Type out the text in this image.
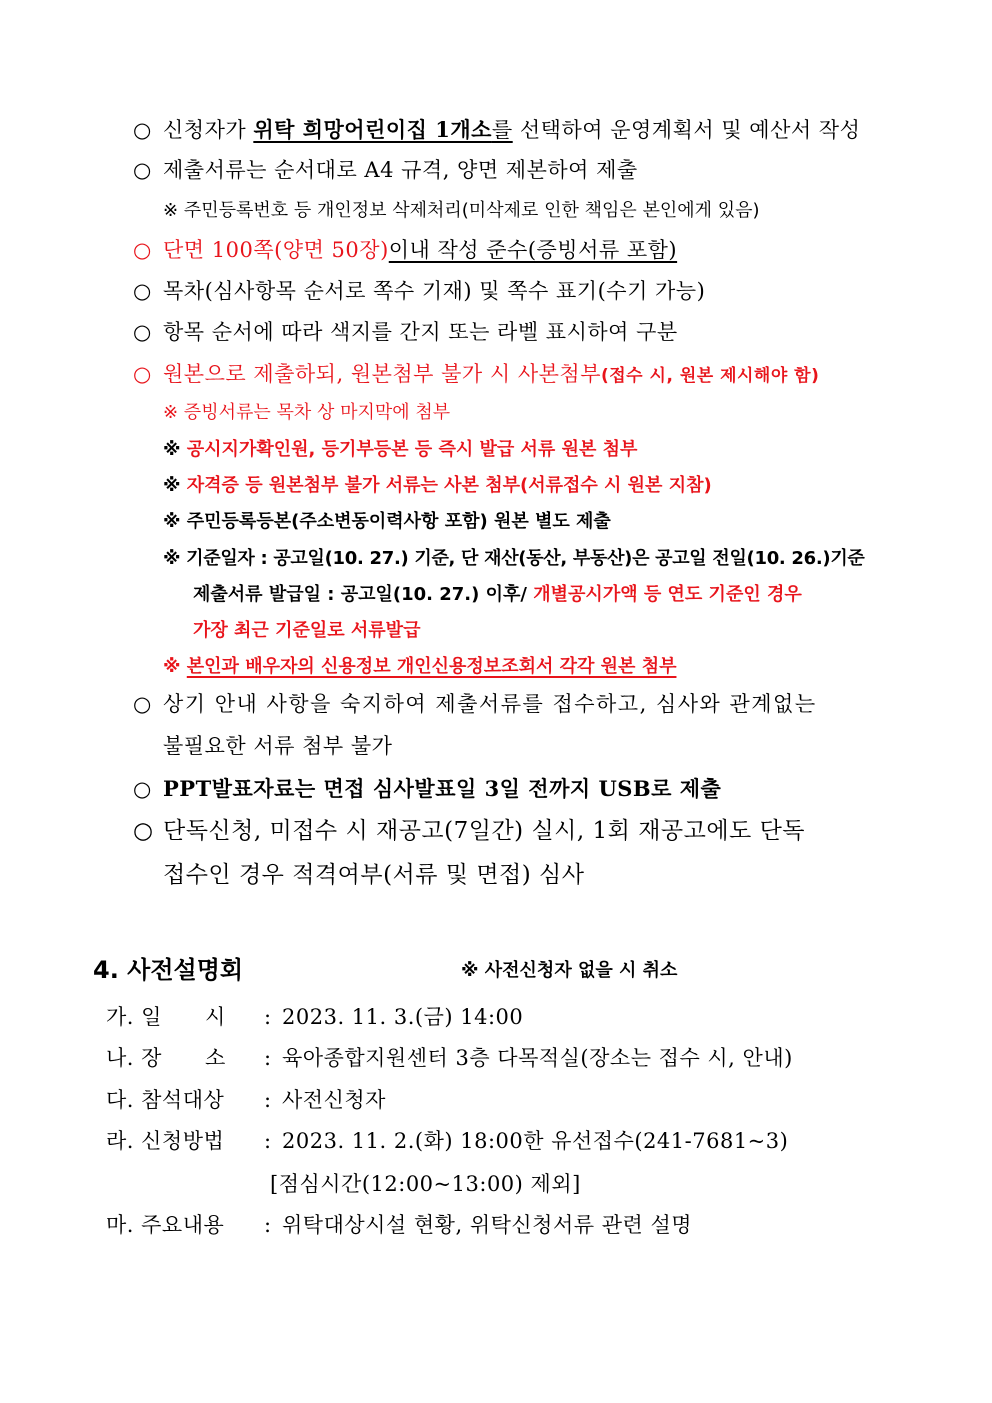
○ 신청자가 위탁 희망어린이집 1개소를 선택하여 운영계획서 및 예산서 작성
○ 제출서류는 순서대로 A4 규격, 양면 제본하여 제출
※ 주민등록번호 등 개인정보 삭제처리(미삭제로 인한 책임은 본인에게 있음)
○ 단면 100쪽(양면 50장)이내 작성 준수(증빙서류 포함)
○ 목차(심사항목 순서로 쪽수 기재) 및 쪽수 표기(수기 가능)
○ 항목 순서에 따라 색지를 간지 또는 라벨 표시하여 구분
○ 원본으로 제출하되, 원본첨부 불가 시 사본첨부(접수 시, 원본 제시해야 함)
※ 증빙서류는 목차 상 마지막에 첨부
※ 공시지가확인원, 등기부등본 등 즉시 발급 서류 원본 첨부
※ 자격증 등 원본첨부 불가 서류는 사본 첨부(서류접수 시 원본 지참)
※ 주민등록등본(주소변동이력사항 포함) 원본 별도 제출
※ 기준일자 : 공고일(10. 27.) 기준, 단 재산(동산, 부동산)은 공고일 전일(10. 26.)기준
제출서류 발급일 : 공고일(10. 27.) 이후/ 개별공시가액 등 연도 기준인 경우
가장 최근 기준일로 서류발급
※ 본인과 배우자의 신용정보 개인신용정보조회서 각각 원본 첨부
○ 상기 안내 사항을 숙지하여 제출서류를 접수하고, 심사와 관계없는
불필요한 서류 첨부 불가
○ PPT발표자료는 면접 심사발표일 3일 전까지 USB로 제출
○ 단독신청, 미접수 시 재공고(7일간) 실시, 1회 재공고에도 단독
접수인 경우 적격여부(서류 및 면접) 심사
4. 사전설명회	※ 사전신청자 없을 시 취소
가. 일      시 : 2023. 11. 3.(금) 14:00
나. 장      소 : 육아종합지원센터 3층 다목적실(장소는 접수 시, 안내)
다. 참석대상 : 사전신청자
라. 신청방법 : 2023. 11. 2.(화) 18:00한 유선접수(241-7681~3)
[점심시간(12:00~13:00) 제외]
마. 주요내용 : 위탁대상시설 현황, 위탁신청서류 관련 설명
